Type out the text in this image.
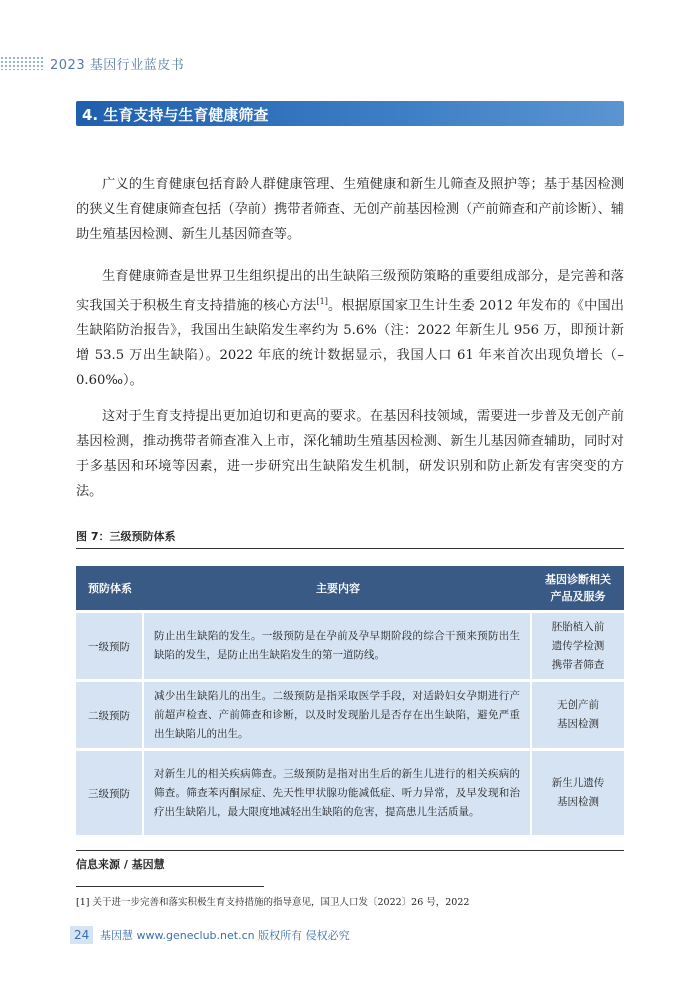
2023 基因行业蓝皮书
4. 生育支持与生育健康筛查

广义的生育健康包括育龄人群健康管理、生殖健康和新生儿筛查及照护等；基于基因检测的狭义生育健康筛查包括（孕前）携带者筛查、无创产前基因检测（产前筛查和产前诊断）、辅助生殖基因检测、新生儿基因筛查等。

生育健康筛查是世界卫生组织提出的出生缺陷三级预防策略的重要组成部分，是完善和落实我国关于积极生育支持措施的核心方法[1]。根据原国家卫生计生委 2012 年发布的《中国出生缺陷防治报告》，我国出生缺陷发生率约为 5.6%（注：2022 年新生儿 956 万，即预计新增 53.5 万出生缺陷）。2022 年底的统计数据显示，我国人口 61 年来首次出现负增长（–0.60‰）。

这对于生育支持提出更加迫切和更高的要求。在基因科技领域，需要进一步普及无创产前基因检测，推动携带者筛查准入上市，深化辅助生殖基因检测、新生儿基因筛查辅助，同时对于多基因和环境等因素，进一步研究出生缺陷发生机制，研发识别和防止新发有害突变的方法。

图 7：三级预防体系
预防体系	主要内容	基因诊断相关
产品及服务
一级预防	防止出生缺陷的发生。一级预防是在孕前及孕早期阶段的综合干预来预防出生缺陷的发生，是防止出生缺陷发生的第一道防线。	胚胎植入前
遗传学检测
携带者筛查
二级预防	减少出生缺陷儿的出生。二级预防是指采取医学手段，对适龄妇女孕期进行产前超声检查、产前筛查和诊断，以及时发现胎儿是否存在出生缺陷，避免严重出生缺陷儿的出生。	无创产前
基因检测
三级预防	对新生儿的相关疾病筛查。三级预防是指对出生后的新生儿进行的相关疾病的筛查。筛查苯丙酮尿症、先天性甲状腺功能减低症、听力异常，及早发现和治疗出生缺陷儿，最大限度地减轻出生缺陷的危害，提高患儿生活质量。	新生儿遗传
基因检测
信息来源 / 基因慧
[1] 关于进一步完善和落实积极生育支持措施的指导意见，国卫人口发〔2022〕26 号，2022
24 基因慧 www.geneclub.net.cn 版权所有 侵权必究
